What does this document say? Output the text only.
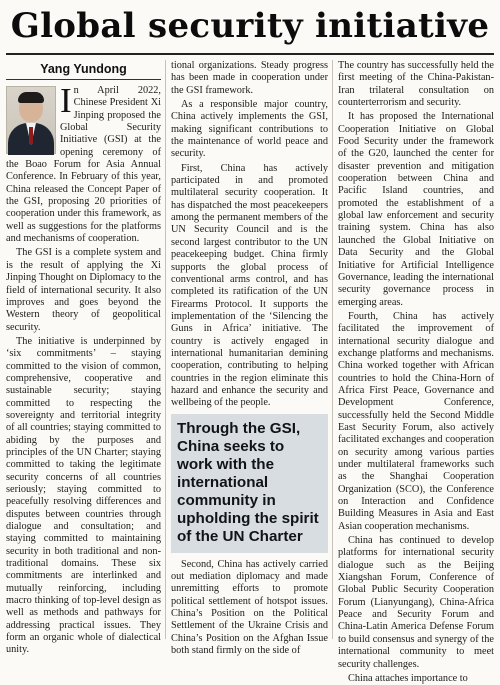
Global security initiative
Yang Yundong
I n April 2022, Chinese President Xi Jinping proposed the Global Security Initiative (GSI) at the opening ceremony of the Boao Forum for Asia Annual Conference. In February of this year, China released the Concept Paper of the GSI, proposing 20 priorities of cooperation under this framework, as well as suggestions for the platforms and mechanisms of cooperation.

The GSI is a complete system and is the result of applying the Xi Jinping Thought on Diplomacy to the field of international security. It also improves and goes beyond the Western theory of geopolitical security.

The initiative is underpinned by ‘six commitments’ – staying committed to the vision of common, comprehensive, cooperative and sustainable security; staying committed to respecting the sovereignty and territorial integrity of all countries; staying committed to abiding by the purposes and principles of the UN Charter; staying committed to taking the legitimate security concerns of all countries seriously; staying committed to peacefully resolving differences and disputes between countries through dialogue and consultation; and staying committed to maintaining security in both traditional and non-traditional domains. These six commitments are interlinked and mutually reinforcing, including macro thinking of top-level design as well as methods and pathways for addressing practical issues. They form an organic whole of dialectical unity.

tional organizations. Steady progress has been made in cooperation under the GSI framework.

As a responsible major country, China actively implements the GSI, making significant contributions to the maintenance of world peace and security.

First, China has actively participated in and promoted multilateral security cooperation. It has dispatched the most peacekeepers among the permanent members of the UN Security Council and is the second largest contributor to the UN peacekeeping budget. China firmly supports the global process of conventional arms control, and has completed its ratification of the UN Firearms Protocol. It supports the implementation of the ‘Silencing the Guns in Africa’ initiative. The country is actively engaged in international humanitarian demining cooperation, contributing to helping countries in the region eliminate this hazard and enhance the security and wellbeing of the people.

Through the GSI, China seeks to work with the international community in upholding the spirit of the UN Charter

Second, China has actively carried out mediation diplomacy and made unremitting efforts to promote political settlement of hotspot issues. China’s Position on the Political Settlement of the Ukraine Crisis and China’s Position on the Afghan Issue both stand firmly on the side of

The country has successfully held the first meeting of the China-Pakistan-Iran trilateral consultation on counterterrorism and security.

It has proposed the International Cooperation Initiative on Global Food Security under the framework of the G20, launched the center for disaster prevention and mitigation cooperation between China and Pacific Island countries, and promoted the establishment of a global law enforcement and security training system. China has also launched the Global Initiative on Data Security and the Global Initiative for Artificial Intelligence Governance, leading the international security governance process in emerging areas.

Fourth, China has actively facilitated the improvement of international security dialogue and exchange platforms and mechanisms. China worked together with African countries to hold the China-Horn of Africa First Peace, Governance and Development Conference, successfully held the Second Middle East Security Forum, also actively facilitated exchanges and cooperation on security among various parties under multilateral frameworks such as the Shanghai Cooperation Organization (SCO), the Conference on Interaction and Confidence Building Measures in Asia and East Asian cooperation mechanisms.

China has continued to develop platforms for international security dialogue such as the Beijing Xiangshan Forum, Conference of Global Public Security Cooperation Forum (Lianyungang), China-Africa Peace and Security Forum and China-Latin America Defense Forum to build consensus and synergy of the international community to meet security challenges.

China attaches importance to
